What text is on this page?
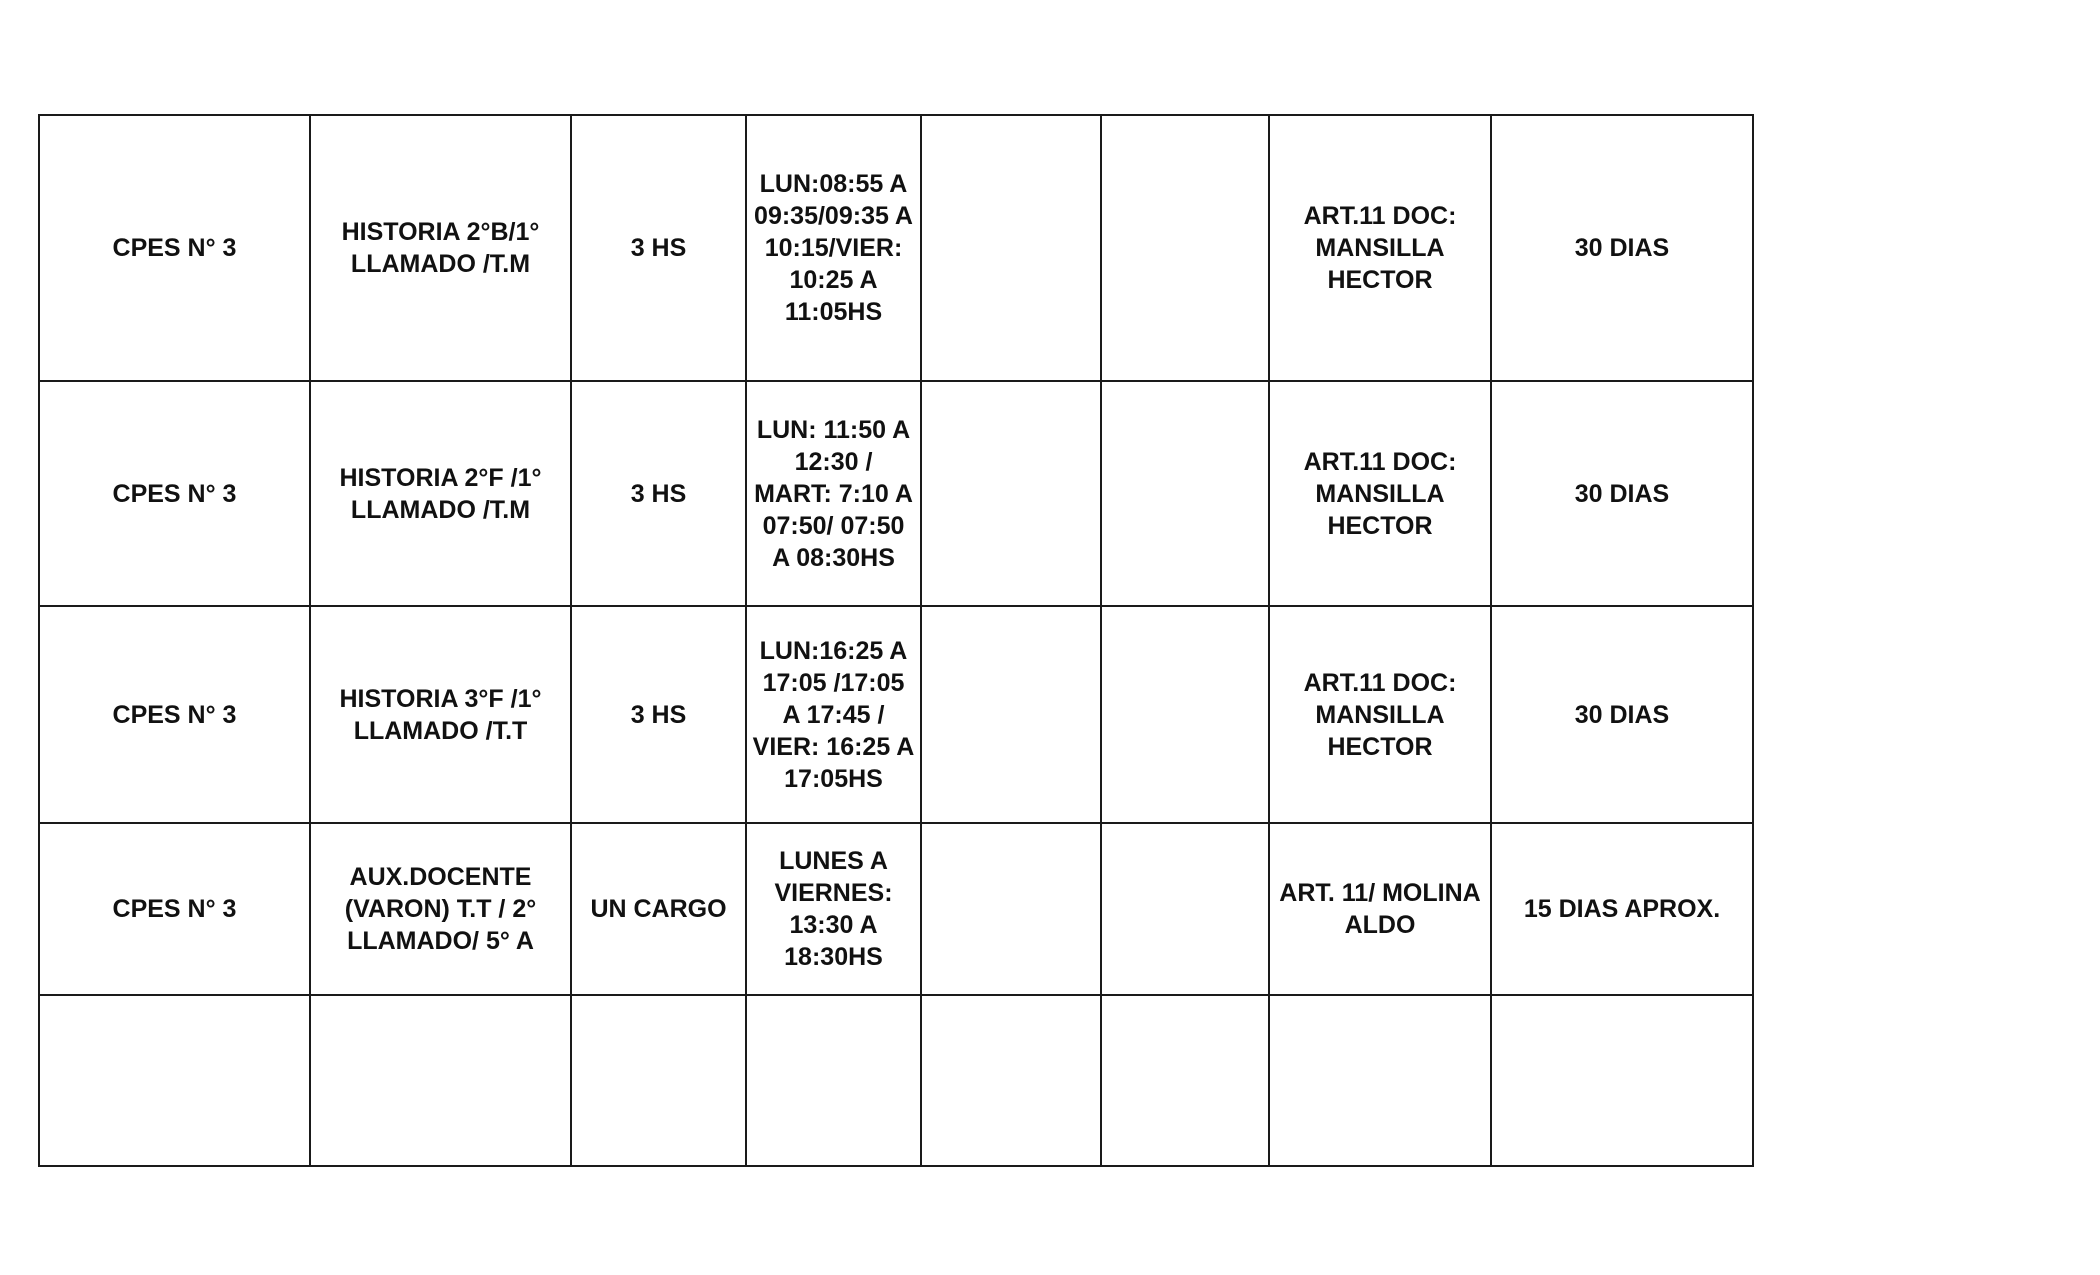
CPES N° 3	HISTORIA 2°B/1°
LLAMADO /T.M	3 HS	LUN:08:55 A
09:35/09:35 A
10:15/VIER:
10:25 A
11:05HS			ART.11 DOC:
MANSILLA
HECTOR	30 DIAS
CPES N° 3	HISTORIA 2°F /1°
LLAMADO /T.M	3 HS	LUN: 11:50 A
12:30 /
MART: 7:10 A
07:50/ 07:50
A 08:30HS			ART.11 DOC:
MANSILLA
HECTOR	30 DIAS
CPES N° 3	HISTORIA 3°F /1°
LLAMADO /T.T	3 HS	LUN:16:25 A
17:05 /17:05
A 17:45 /
VIER: 16:25 A
17:05HS			ART.11 DOC:
MANSILLA
HECTOR	30 DIAS
CPES N° 3	AUX.DOCENTE
(VARON) T.T / 2°
LLAMADO/ 5° A	UN CARGO	LUNES A
VIERNES:
13:30 A
18:30HS			ART. 11/ MOLINA
ALDO	15 DIAS APROX.
